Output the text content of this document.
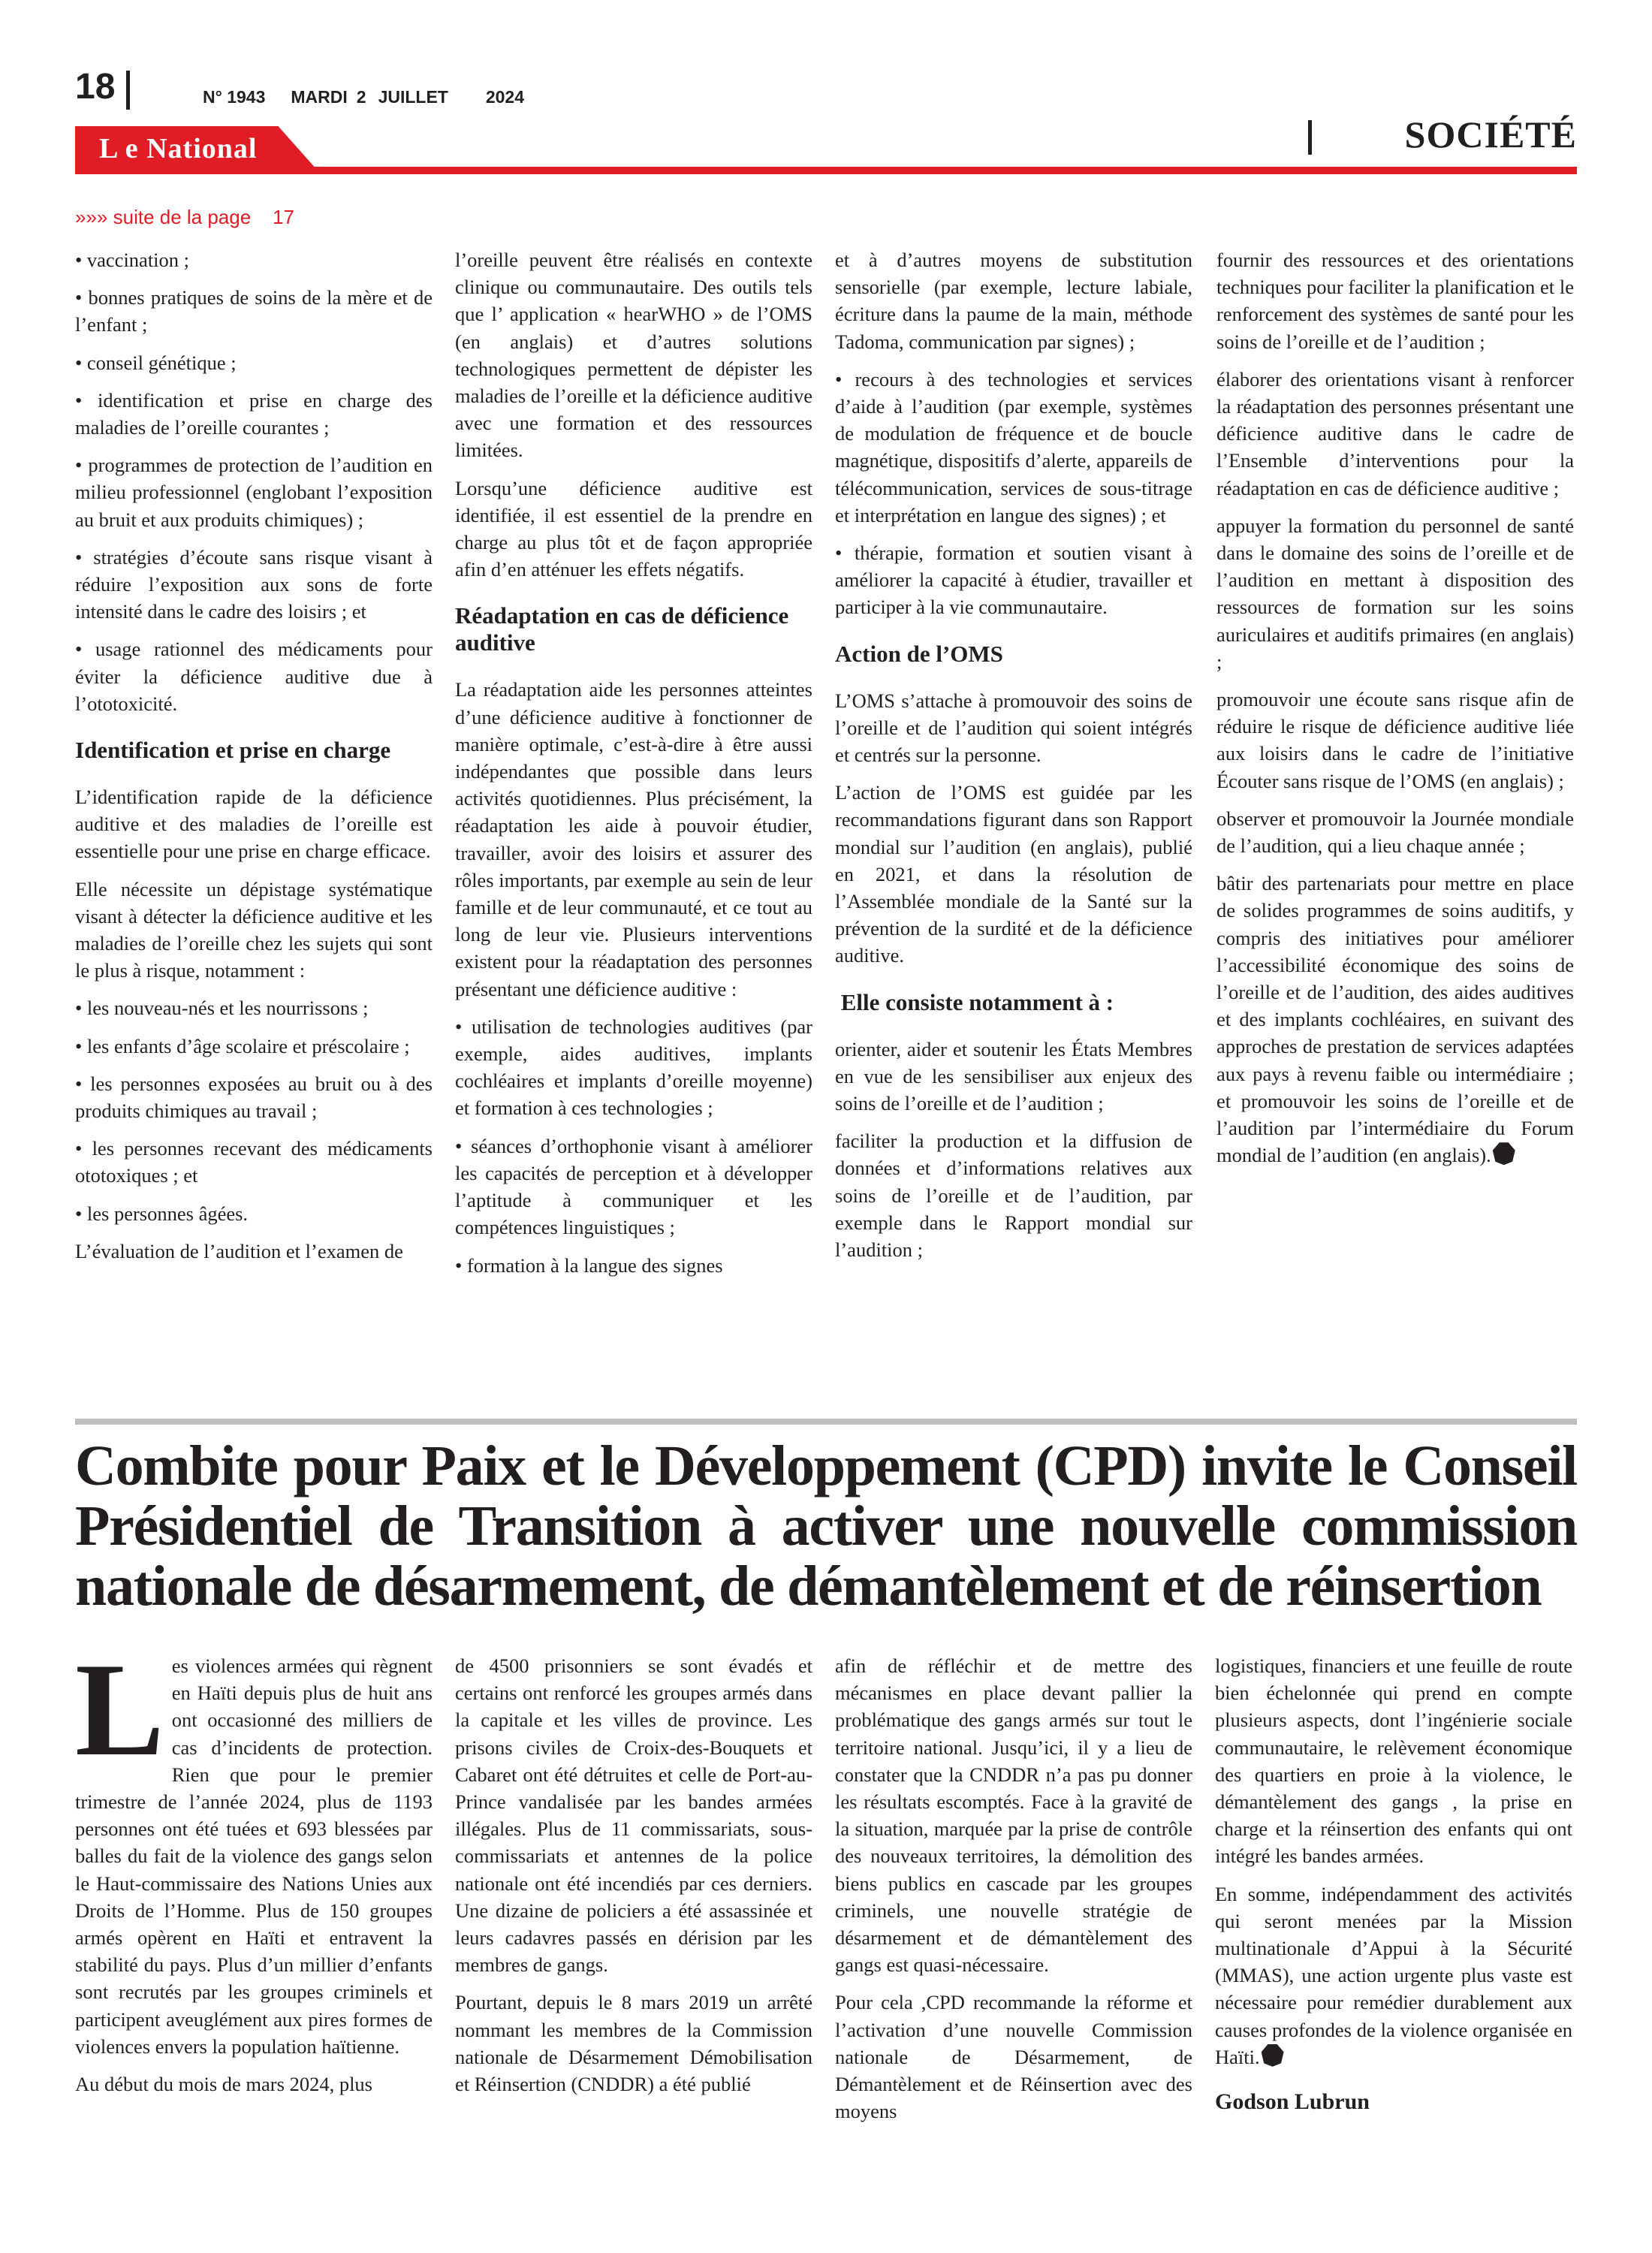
18	N° 1943 MARDI 2 JUILLET 2024
SOCIÉTÉ
L e National
»»» suite de la page    17

• vaccination ;

• bonnes pratiques de soins de la mère et de l’enfant ;

• conseil génétique ;

• identification et prise en charge des maladies de l’oreille courantes ;

• programmes de protection de l’audition en milieu professionnel (englobant l’exposition au bruit et aux produits chimiques) ;

• stratégies d’écoute sans risque visant à réduire l’exposition aux sons de forte intensité dans le cadre des loisirs ; et

• usage rationnel des médicaments pour éviter la déficience auditive due à l’ototoxicité.

Identification et prise en charge

L’identification rapide de la déficience auditive et des maladies de l’oreille est essentielle pour une prise en charge efficace.

Elle nécessite un dépistage systématique visant à détecter la déficience auditive et les maladies de l’oreille chez les sujets qui sont le plus à risque, notamment :

• les nouveau-nés et les nourrissons ;

• les enfants d’âge scolaire et préscolaire ;

• les personnes exposées au bruit ou à des produits chimiques au travail ;

• les personnes recevant des médicaments ototoxiques ; et

• les personnes âgées.

L’évaluation de l’audition et l’examen de

l’oreille peuvent être réalisés en contexte clinique ou communautaire. Des outils tels que l’ application « hearWHO » de l’OMS (en anglais) et d’autres solutions technologiques permettent de dépister les maladies de l’oreille et la déficience auditive avec une formation et des ressources limitées.

Lorsqu’une déficience auditive est identifiée, il est essentiel de la prendre en charge au plus tôt et de façon appropriée afin d’en atténuer les effets négatifs.

Réadaptation en cas de déficience auditive

La réadaptation aide les personnes atteintes d’une déficience auditive à fonctionner de manière optimale, c’est-à-dire à être aussi indépendantes que possible dans leurs activités quotidiennes. Plus précisément, la réadaptation les aide à pouvoir étudier, travailler, avoir des loisirs et assurer des rôles importants, par exemple au sein de leur famille et de leur communauté, et ce tout au long de leur vie. Plusieurs interventions existent pour la réadaptation des personnes présentant une déficience auditive :

• utilisation de technologies auditives (par exemple, aides auditives, implants cochléaires et implants d’oreille moyenne) et formation à ces technologies ;

• séances d’orthophonie visant à améliorer les capacités de perception et à développer l’aptitude à communiquer et les compétences linguistiques ;

• formation à la langue des signes

et à d’autres moyens de substitution sensorielle (par exemple, lecture labiale, écriture dans la paume de la main, méthode Tadoma, communication par signes) ;

• recours à des technologies et services d’aide à l’audition (par exemple, systèmes de modulation de fréquence et de boucle magnétique, dispositifs d’alerte, appareils de télécommunication, services de sous-titrage et interprétation en langue des signes) ; et

• thérapie, formation et soutien visant à améliorer la capacité à étudier, travailler et participer à la vie communautaire.

Action de l’OMS

L’OMS s’attache à promouvoir des soins de l’oreille et de l’audition qui soient intégrés et centrés sur la personne.

L’action de l’OMS est guidée par les recommandations figurant dans son Rapport mondial sur l’audition (en anglais), publié en 2021, et dans la résolution de l’Assemblée mondiale de la Santé sur la prévention de la surdité et de la déficience auditive.

Elle consiste notamment à :

orienter, aider et soutenir les États Membres en vue de les sensibiliser aux enjeux des soins de l’oreille et de l’audition ;

faciliter la production et la diffusion de données et d’informations relatives aux soins de l’oreille et de l’audition, par exemple dans le Rapport mondial sur l’audition ;

fournir des ressources et des orientations techniques pour faciliter la planification et le renforcement des systèmes de santé pour les soins de l’oreille et de l’audition ;

élaborer des orientations visant à renforcer la réadaptation des personnes présentant une déficience auditive dans le cadre de l’Ensemble d’interventions pour la réadaptation en cas de déficience auditive ;

appuyer la formation du personnel de santé dans le domaine des soins de l’oreille et de l’audition en mettant à disposition des ressources de formation sur les soins auriculaires et auditifs primaires (en anglais) ;

promouvoir une écoute sans risque afin de réduire le risque de déficience auditive liée aux loisirs dans le cadre de l’initiative Écouter sans risque de l’OMS (en anglais) ;

observer et promouvoir la Journée mondiale de l’audition, qui a lieu chaque année ;

bâtir des partenariats pour mettre en place de solides programmes de soins auditifs, y compris des initiatives pour améliorer l’accessibilité économique des soins de l’oreille et de l’audition, des aides auditives et des implants cochléaires, en suivant des approches de prestation de services adaptées aux pays à revenu faible ou intermédiaire ; et promouvoir les soins de l’oreille et de l’audition par l’intermédiaire du Forum mondial de l’audition (en anglais).

Combite pour Paix et le Développement (CPD) invite le Conseil Présidentiel de Transition à activer une nouvelle commission nationale de désarmement, de démantèlement et de réinsertion

Les violences armées qui règnent en Haïti depuis plus de huit ans ont occasionné des milliers de cas d’incidents de protection. Rien que pour le premier trimestre de l’année 2024, plus de 1193 personnes ont été tuées et 693 blessées par balles du fait de la violence des gangs selon le Haut-commissaire des Nations Unies aux Droits de l’Homme. Plus de 150 groupes armés opèrent en Haïti et entravent la stabilité du pays. Plus d’un millier d’enfants sont recrutés par les groupes criminels et participent aveuglément aux pires formes de violences envers la population haïtienne.

Au début du mois de mars 2024, plus

de 4500 prisonniers se sont évadés et certains ont renforcé les groupes armés dans la capitale et les villes de province. Les prisons civiles de Croix-des-Bouquets et Cabaret ont été détruites et celle de Port-au-Prince vandalisée par les bandes armées illégales. Plus de 11 commissariats, sous-commissariats et antennes de la police nationale ont été incendiés par ces derniers. Une dizaine de policiers a été assassinée et leurs cadavres passés en dérision par les membres de gangs.

Pourtant, depuis le 8 mars 2019 un arrêté nommant les membres de la Commission nationale de Désarmement Démobilisation et Réinsertion (CNDDR) a été publié

afin de réfléchir et de mettre des mécanismes en place devant pallier la problématique des gangs armés sur tout le territoire national. Jusqu’ici, il y a lieu de constater que la CNDDR n’a pas pu donner les résultats escomptés. Face à la gravité de la situation, marquée par la prise de contrôle des nouveaux territoires, la démolition des biens publics en cascade par les groupes criminels, une nouvelle stratégie de désarmement et de démantèlement des gangs est quasi-nécessaire.

Pour cela ,CPD recommande la réforme et l’activation d’une nouvelle Commission nationale de Désarmement, de Démantèlement et de Réinsertion avec des moyens

logistiques, financiers et une feuille de route bien échelonnée qui prend en compte plusieurs aspects, dont l’ingénierie sociale communautaire, le relèvement économique des quartiers en proie à la violence, le démantèlement des gangs , la prise en charge et la réinsertion des enfants qui ont intégré les bandes armées.

En somme, indépendamment des activités qui seront menées par la Mission multinationale d’Appui à la Sécurité (MMAS), une action urgente plus vaste est nécessaire pour remédier durablement aux causes profondes de la violence organisée en Haïti.

Godson Lubrun
